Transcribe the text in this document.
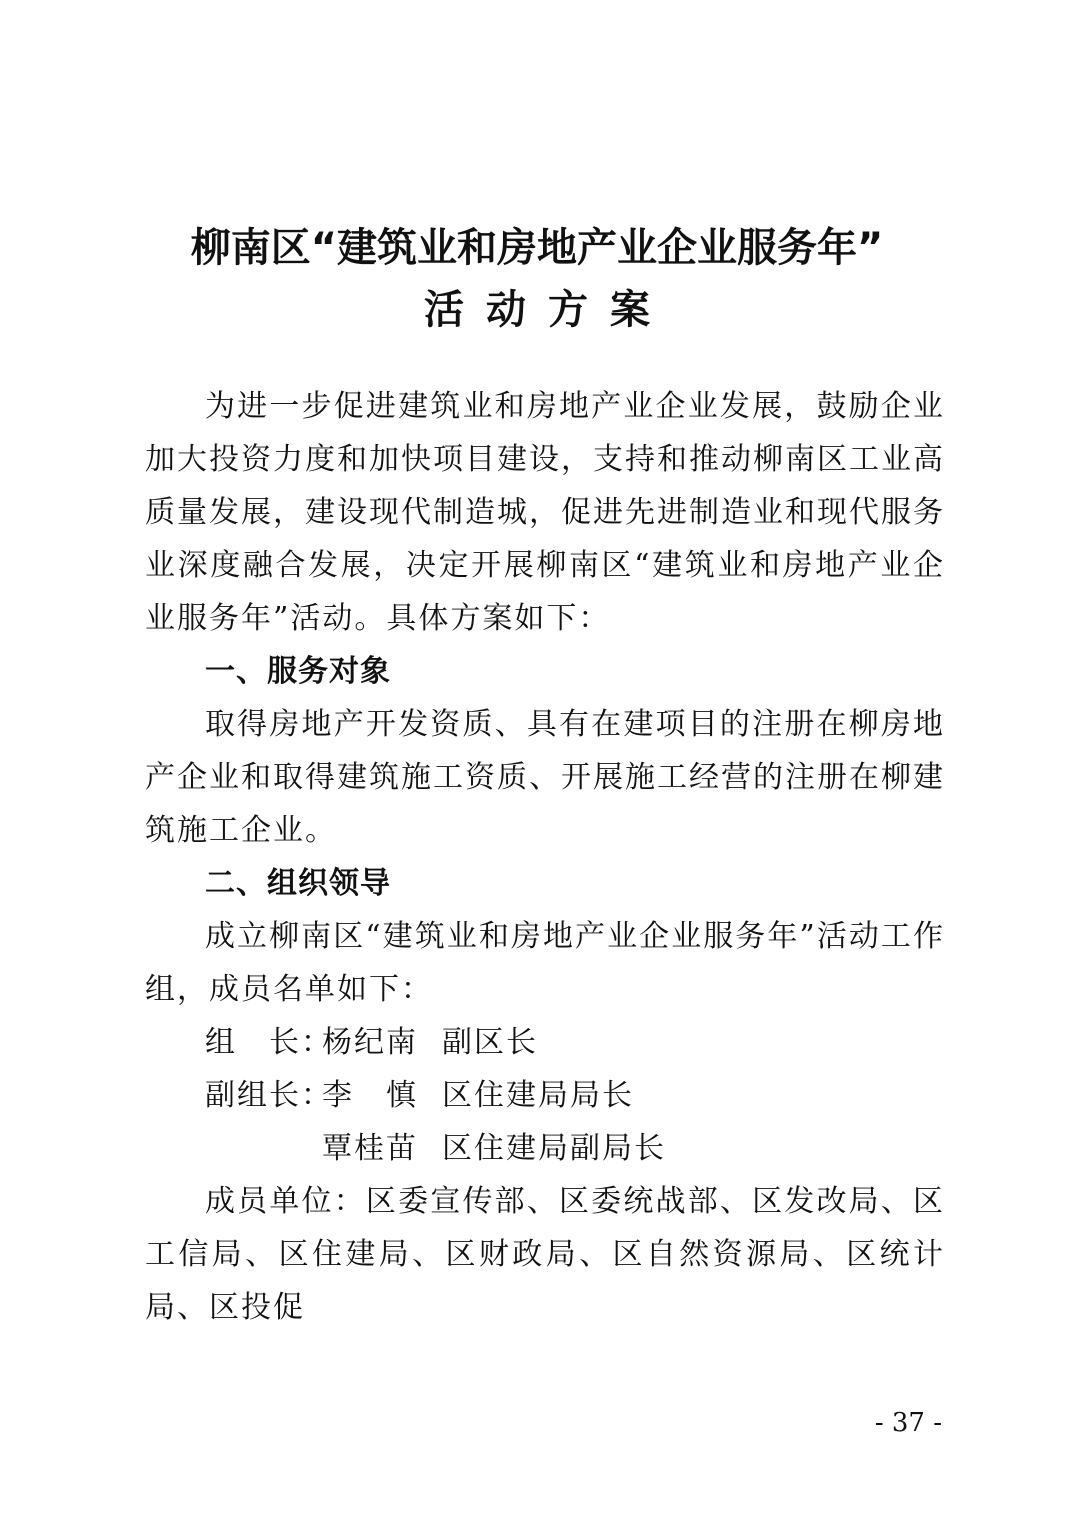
柳南区“建筑业和房地产业企业服务年”
活动方案

为进一步促进建筑业和房地产业企业发展，鼓励企业加大投资力度和加快项目建设，支持和推动柳南区工业高质量发展，建设现代制造城，促进先进制造业和现代服务业深度融合发展，决定开展柳南区“建筑业和房地产业企业服务年”活动。具体方案如下：

一、服务对象

取得房地产开发资质、具有在建项目的注册在柳房地产企业和取得建筑施工资质、开展施工经营的注册在柳建筑施工企业。

二、组织领导

成立柳南区“建筑业和房地产业企业服务年”活动工作组，成员名单如下：

组　长：杨纪南 副区长

副组长：李　慎 区住建局局长

覃桂苗 区住建局副局长

成员单位：区委宣传部、区委统战部、区发改局、区工信局、区住建局、区财政局、区自然资源局、区统计局、区投促

- 37 -
